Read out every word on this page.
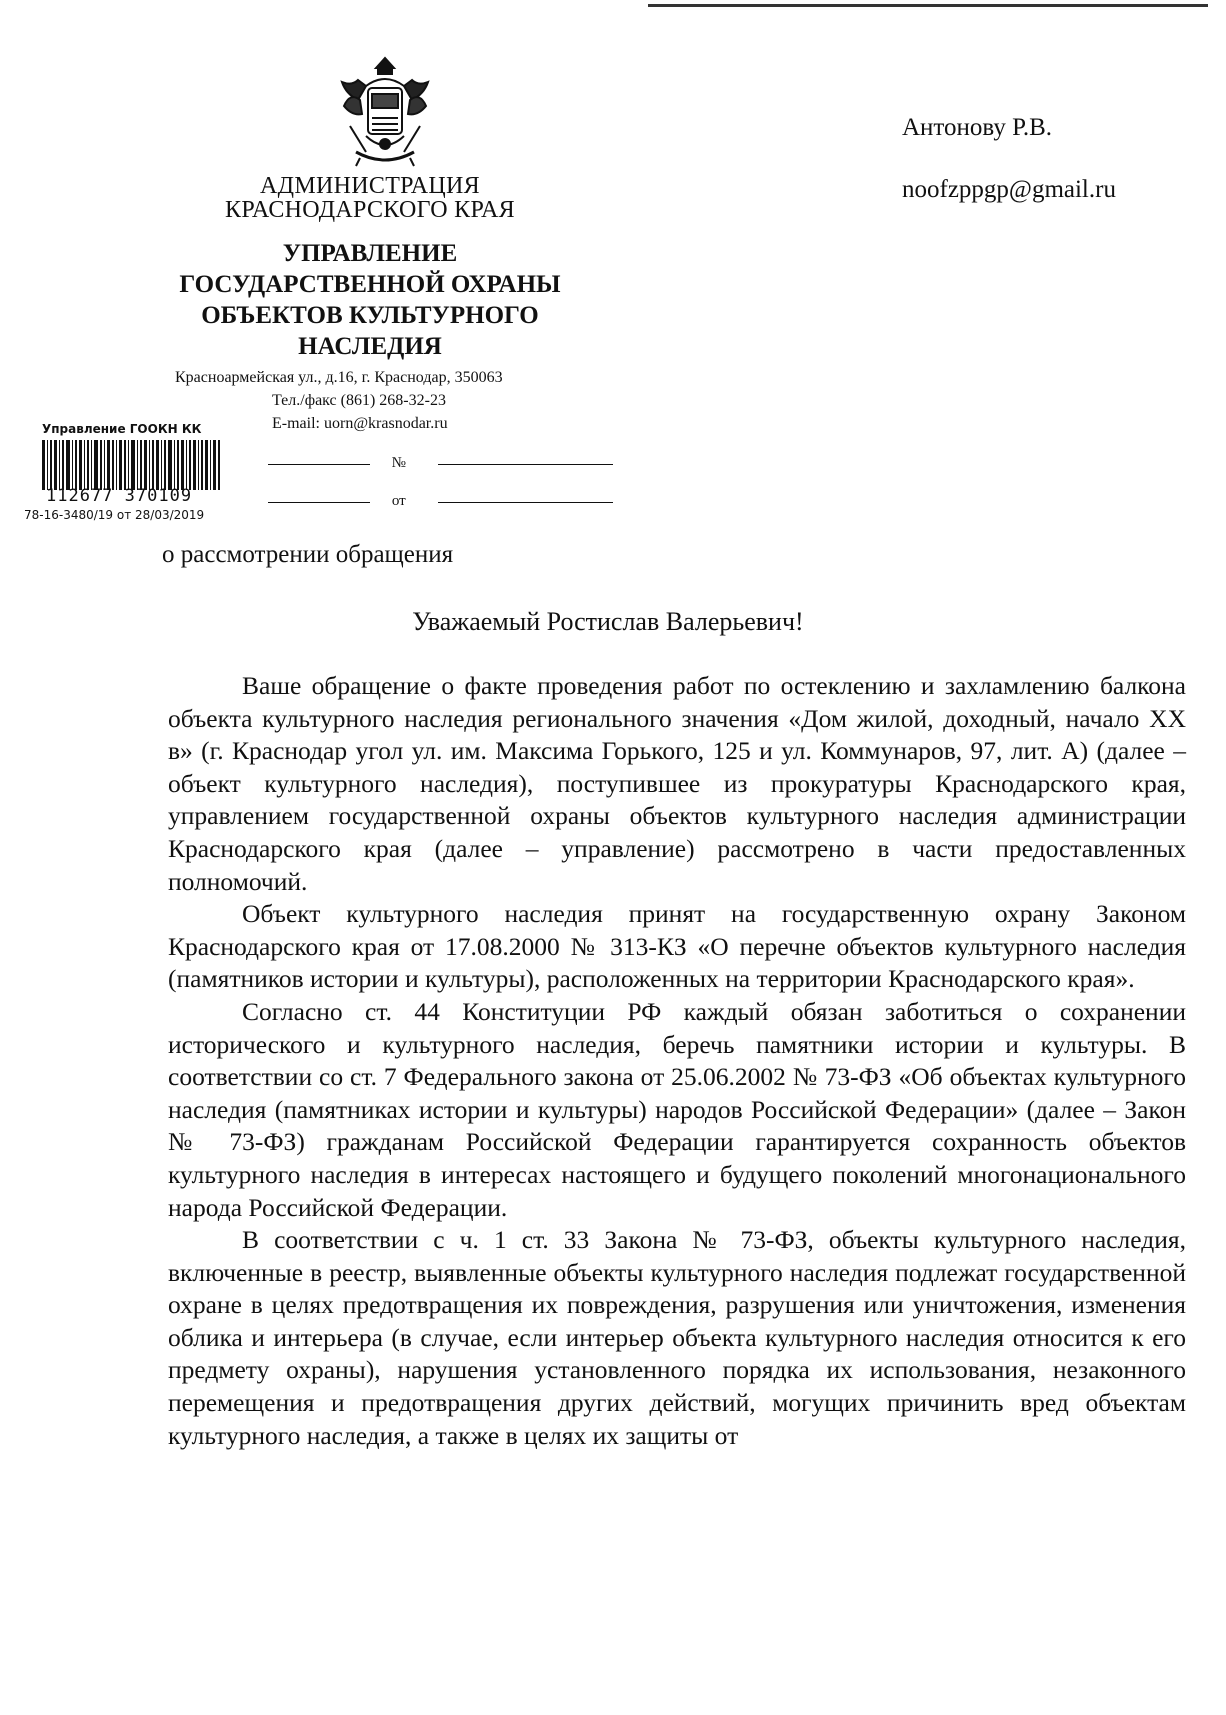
АДМИНИСТРАЦИЯ
КРАСНОДАРСКОГО КРАЯ
УПРАВЛЕНИЕ
ГОСУДАРСТВЕННОЙ ОХРАНЫ
ОБЪЕКТОВ КУЛЬТУРНОГО
НАСЛЕДИЯ
Красноармейская ул., д.16, г. Краснодар, 350063
Тел./факс (861) 268-32-23
E-mail: uorn@krasnodar.ru
Антонову Р.В.
noofzppgp@gmail.ru
Управление ГООКН КК
112677 370109
78-16-3480/19 от 28/03/2019
№
от
о рассмотрении обращения
Уважаемый Ростислав Валерьевич!

Ваше обращение о факте проведения работ по остеклению и захламлению балкона объекта культурного наследия регионального значения «Дом жилой, доходный, начало XX в» (г. Краснодар угол ул. им. Максима Горького, 125 и ул. Коммунаров, 97, лит. А) (далее – объект культурного наследия), поступившее из прокуратуры Краснодарского края, управлением государственной охраны объектов культурного наследия администрации Краснодарского края (далее – управление) рассмотрено в части предоставленных полномочий.

Объект культурного наследия принят на государственную охрану Законом Краснодарского края от 17.08.2000 № 313-КЗ «О перечне объектов культурного наследия (памятников истории и культуры), расположенных на территории Краснодарского края».

Согласно ст. 44 Конституции РФ каждый обязан заботиться о сохранении исторического и культурного наследия, беречь памятники истории и культуры. В соответствии со ст. 7 Федерального закона от 25.06.2002 № 73-ФЗ «Об объектах культурного наследия (памятниках истории и культуры) народов Российской Федерации» (далее – Закон № 73-ФЗ) гражданам Российской Федерации гарантируется сохранность объектов культурного наследия в интересах настоящего и будущего поколений многонационального народа Российской Федерации.

В соответствии с ч. 1 ст. 33 Закона № 73-ФЗ, объекты культурного наследия, включенные в реестр, выявленные объекты культурного наследия подлежат государственной охране в целях предотвращения их повреждения, разрушения или уничтожения, изменения облика и интерьера (в случае, если интерьер объекта культурного наследия относится к его предмету охраны), нарушения установленного порядка их использования, незаконного перемещения и предотвращения других действий, могущих причинить вред объектам культурного наследия, а также в целях их защиты от
